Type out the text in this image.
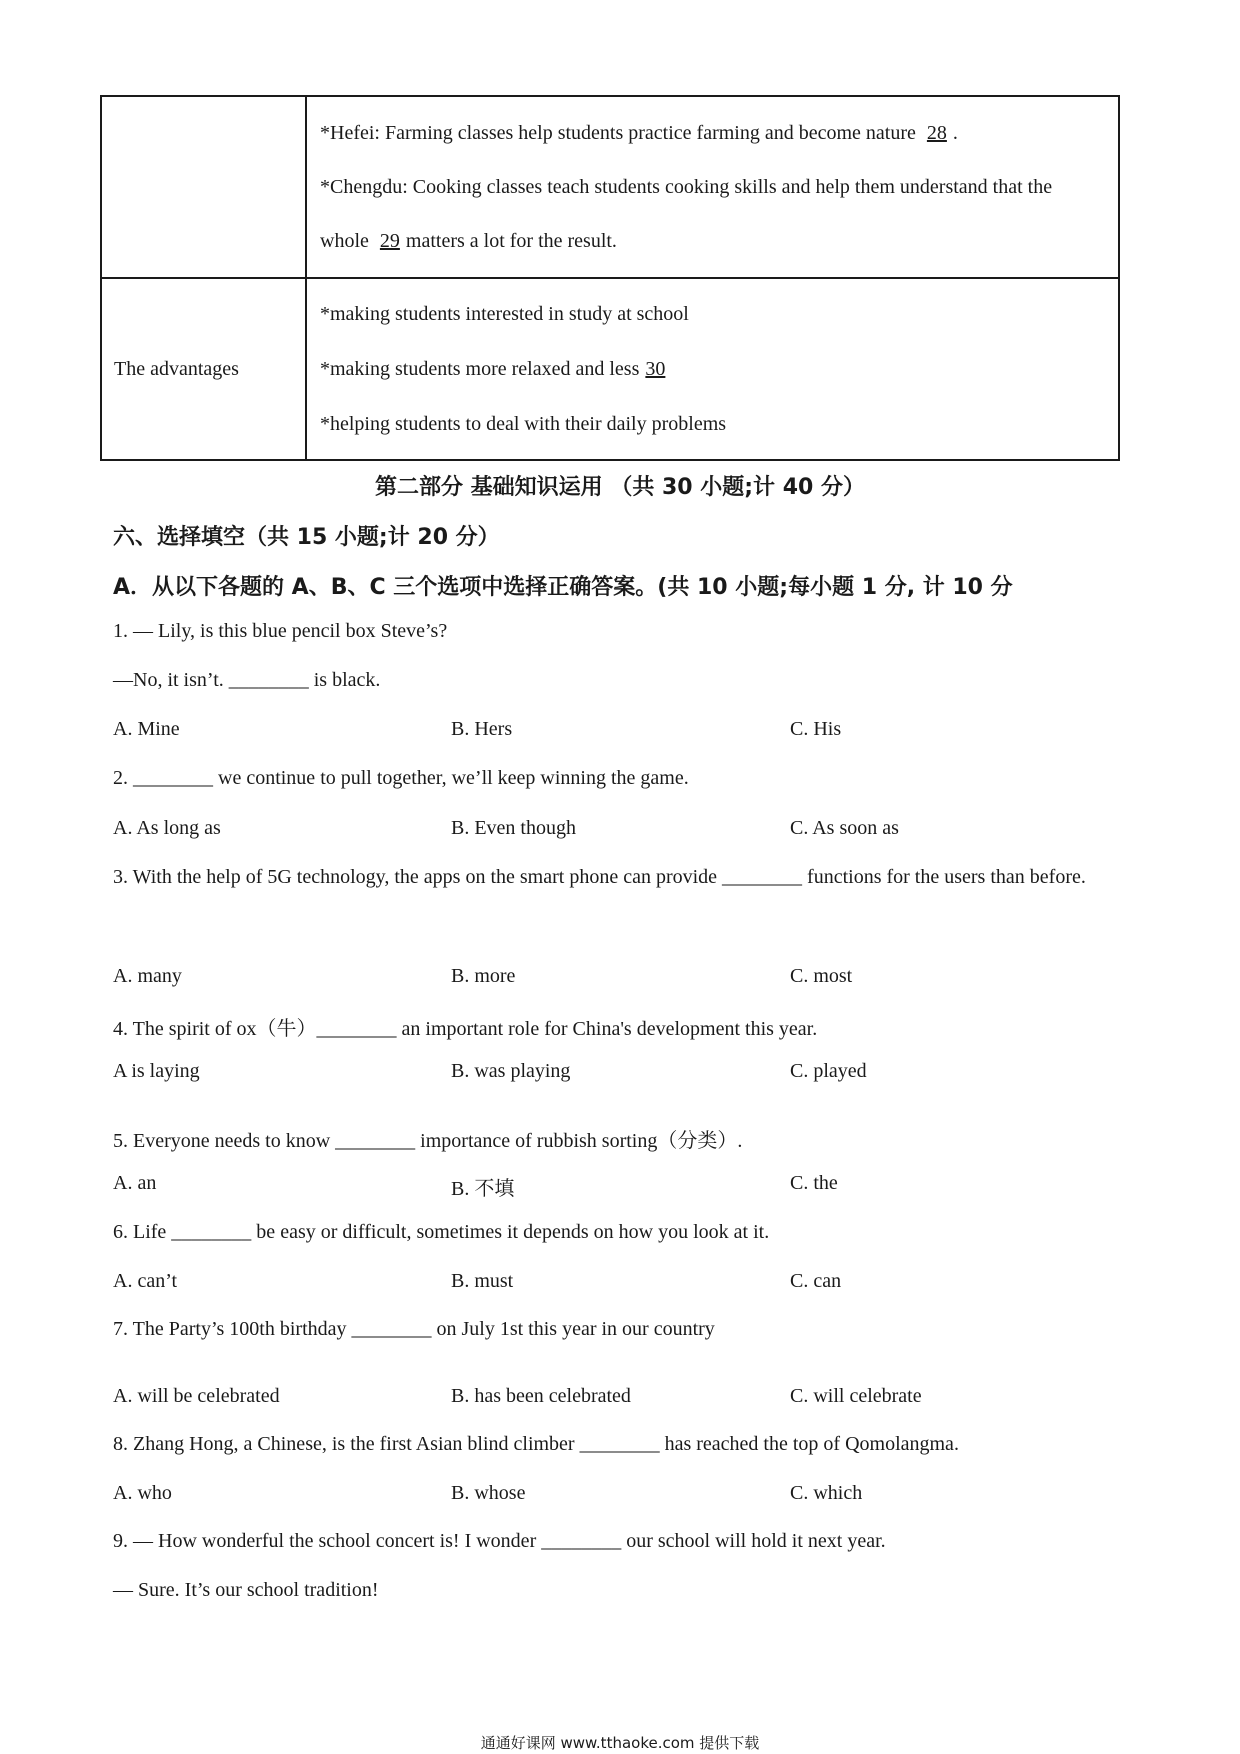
	*Hefei: Farming classes help students practice farming and become nature 28 .
*Chengdu: Cooking classes teach students cooking skills and help them understand that the
whole 29 matters a lot for the result.

The advantages	*making students interested in study at school
*making students more relaxed and less 30
*helping students to deal with their daily problems
第二部分 基础知识运用 （共 30 小题;计 40 分）
六、选择填空（共 15 小题;计 20 分）
A．从以下各题的 A、B、C 三个选项中选择正确答案。(共 10 小题;每小题 1 分, 计 10 分
1. — Lily, is this blue pencil box Steve’s?
—No, it isn’t. ________ is black.
A. Mine	B. Hers	C. His
2. ________ we continue to pull together, we’ll keep winning the game.
A. As long as	B. Even though	C. As soon as
3. With the help of 5G technology, the apps on the smart phone can provide ________ functions for the users than before.
A. many	B. more	C. most
4. The spirit of ox（牛）________ an important role for China's development this year.
A is laying	B. was playing	C. played
5. Everyone needs to know ________ importance of rubbish sorting（分类）.
A. an	B. 不填	C. the
6. Life ________ be easy or difficult, sometimes it depends on how you look at it.
A. can’t	B. must	C. can
7. The Party’s 100th birthday ________ on July 1st this year in our country
A. will be celebrated	B. has been celebrated	C. will celebrate
8. Zhang Hong, a Chinese, is the first Asian blind climber ________ has reached the top of Qomolangma.
A. who	B. whose	C. which
9. — How wonderful the school concert is! I wonder ________ our school will hold it next year.
— Sure. It’s our school tradition!
通通好课网 www.tthaoke.com 提供下载
